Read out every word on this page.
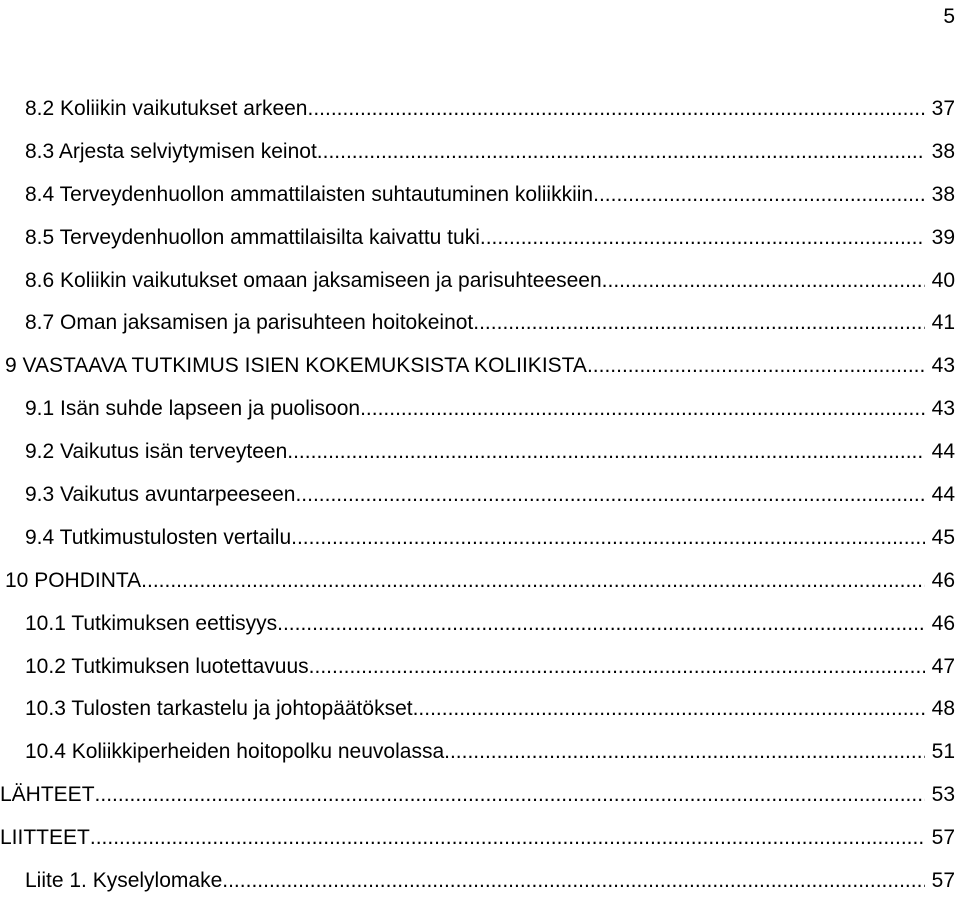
5
8.2 Koliikin vaikutukset arkeen .....	37
8.3 Arjesta selviytymisen keinot .....	38
8.4 Terveydenhuollon ammattilaisten suhtautuminen koliikkiin .....	38
8.5 Terveydenhuollon ammattilaisilta kaivattu tuki .....	39
8.6 Koliikin vaikutukset omaan jaksamiseen ja parisuhteeseen .....	40
8.7 Oman jaksamisen ja parisuhteen hoitokeinot .....	41
9 VASTAAVA TUTKIMUS ISIEN KOKEMUKSISTA KOLIIKISTA .....	43
9.1 Isän suhde lapseen ja puolisoon .....	43
9.2 Vaikutus isän terveyteen .....	44
9.3 Vaikutus avuntarpeeseen .....	44
9.4 Tutkimustulosten vertailu .....	45
10 POHDINTA .....	46
10.1 Tutkimuksen eettisyys .....	46
10.2 Tutkimuksen luotettavuus .....	47
10.3 Tulosten tarkastelu ja johtopäätökset .....	48
10.4 Koliikkiperheiden hoitopolku neuvolassa .....	51
LÄHTEET .....	53
LIITTEET .....	57
Liite 1. Kyselylomake .....	57
